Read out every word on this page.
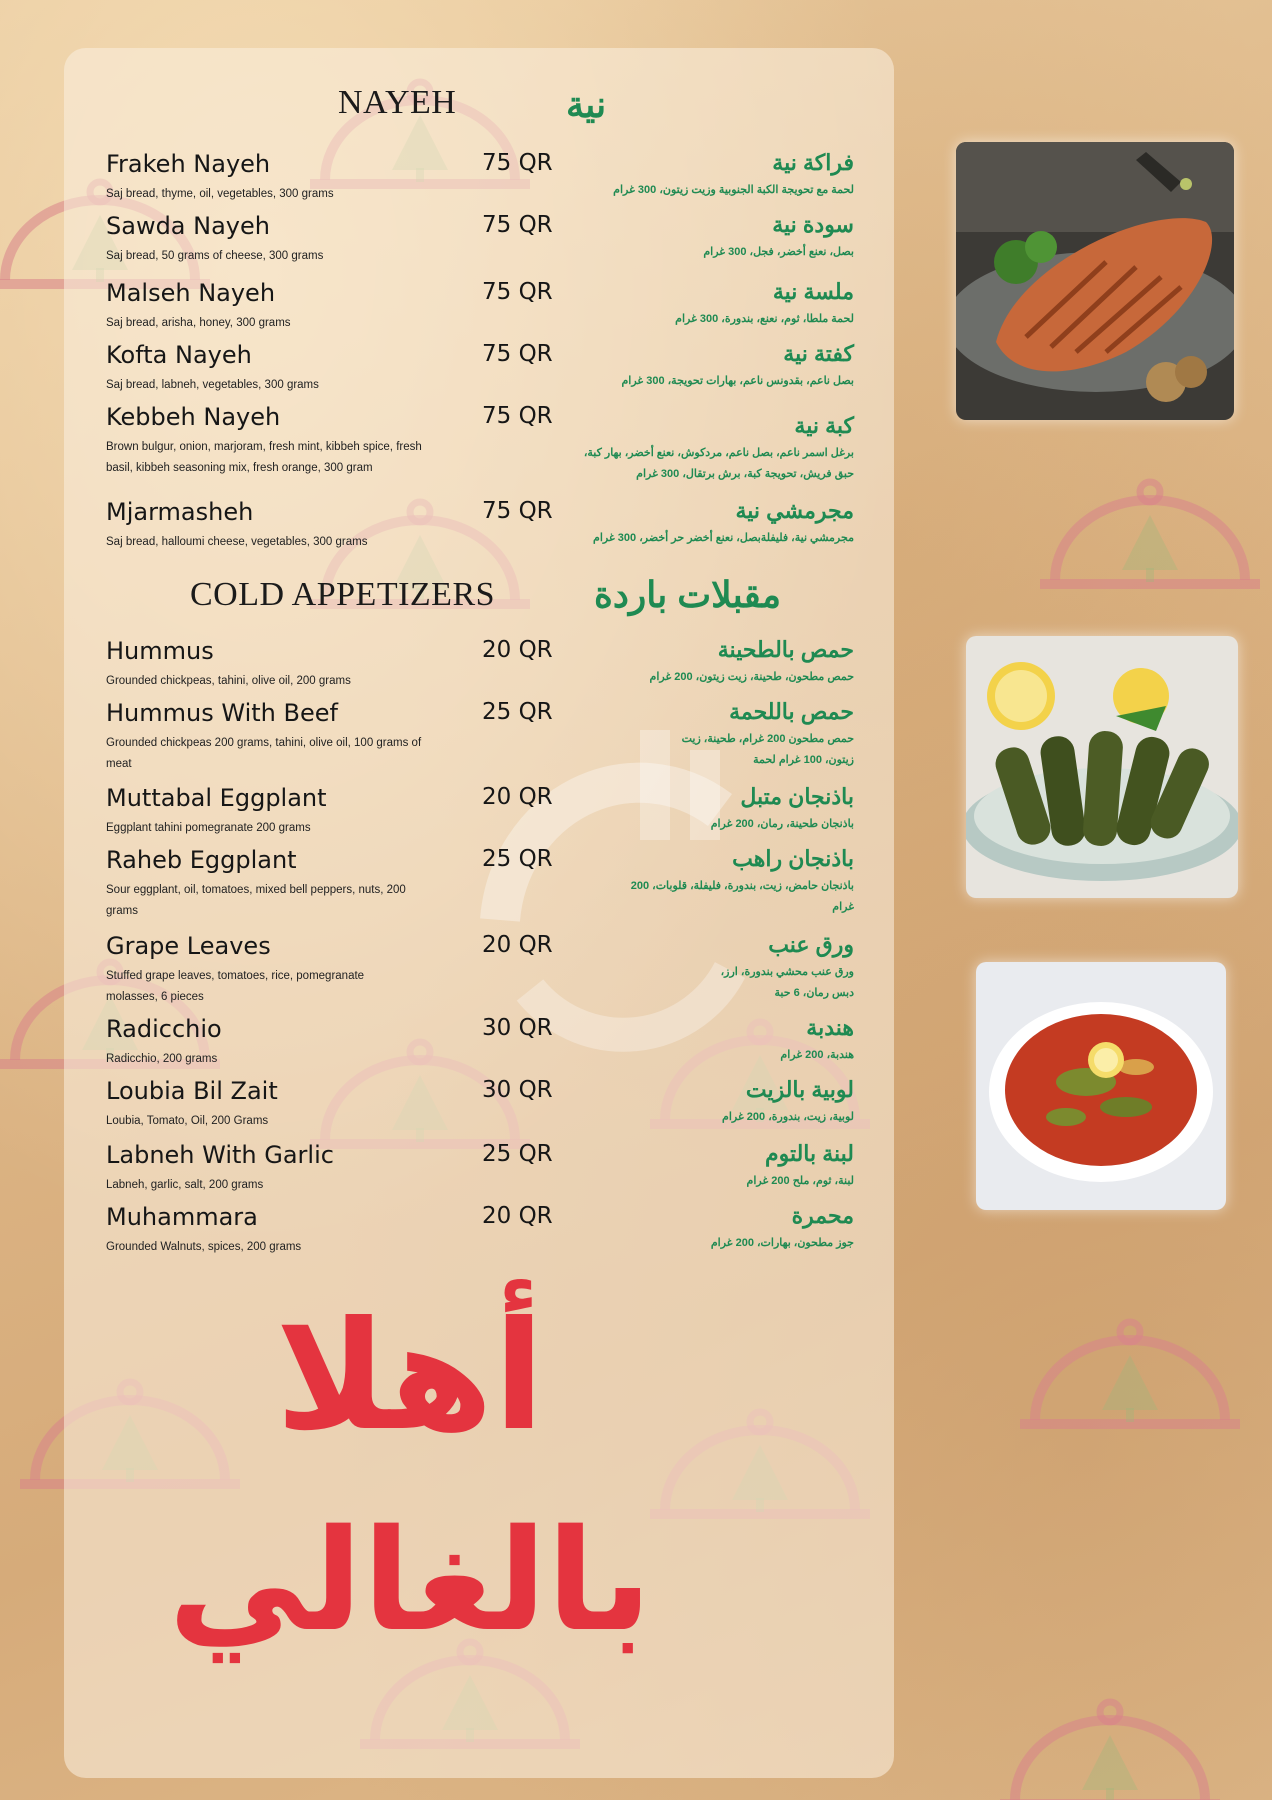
NAYEH	نية
Frakeh Nayeh	75 QR
Saj bread, thyme, oil, vegetables, 300 grams
فراكة نية
لحمة مع تحويجة الكبة الجنوبية وزيت زيتون، 300 غرام
Sawda Nayeh	75 QR
Saj bread, 50 grams of cheese, 300 grams
سودة نية
بصل، نعنع أخضر، فجل، 300 غرام
Malseh Nayeh	75 QR
Saj bread, arisha, honey, 300 grams
ملسة نية
لحمة ملطا، ثوم، نعنع، بندورة، 300 غرام
Kofta Nayeh	75 QR
Saj bread, labneh, vegetables, 300 grams
كفتة نية
بصل ناعم، بقدونس ناعم، بهارات تحويجة، 300 غرام
Kebbeh Nayeh	75 QR
Brown bulgur, onion, marjoram, fresh mint, kibbeh spice, fresh basil, kibbeh seasoning mix, fresh orange, 300 gram
كبة نية
برغل اسمر ناعم، بصل ناعم، مردكوش، نعنع أخضر، بهار كبة، حبق فريش، تحويجة كبة، برش برتقال، 300 غرام
Mjarmasheh	75 QR
Saj bread, halloumi cheese, vegetables, 300 grams
مجرمشي نية
مجرمشي نية، فليفلةبصل، نعنع أخضر حر أخضر، 300 غرام
COLD APPETIZERS	مقبلات باردة
Hummus	20 QR
Grounded chickpeas, tahini, olive oil, 200 grams
حمص بالطحينة
حمص مطحون، طحينة، زيت زيتون، 200 غرام
Hummus With Beef	25 QR
Grounded chickpeas 200 grams, tahini, olive oil, 100 grams of meat
حمص باللحمة
حمص مطحون 200 غرام، طحينة، زيت زيتون، 100 غرام لحمة
Muttabal Eggplant	20 QR
Eggplant tahini pomegranate 200 grams
باذنجان متبل
باذنجان طحينة، رمان، 200 غرام
Raheb Eggplant	25 QR
Sour eggplant, oil, tomatoes, mixed bell peppers, nuts, 200 grams
باذنجان راهب
باذنجان حامض، زيت، بندورة، فليفلة، قلوبات، 200 غرام
Grape Leaves	20 QR
Stuffed grape leaves, tomatoes, rice, pomegranate molasses, 6 pieces
ورق عنب
ورق عنب محشي بندورة، ارز، دبس رمان، 6 حبة
Radicchio	30 QR
Radicchio, 200 grams
هندبة
هندبة، 200 غرام
Loubia Bil Zait	30 QR
Loubia, Tomato, Oil, 200 Grams
لوبية بالزيت
لوبية، زيت، بندورة، 200 غرام
Labneh With Garlic	25 QR
Labneh, garlic, salt, 200 grams
لبنة بالتوم
لبنة، ثوم، ملح 200 غرام
Muhammara	20 QR
Grounded Walnuts, spices, 200 grams
محمرة
جوز مطحون، بهارات، 200 غرام
أهلا
بالغالي
